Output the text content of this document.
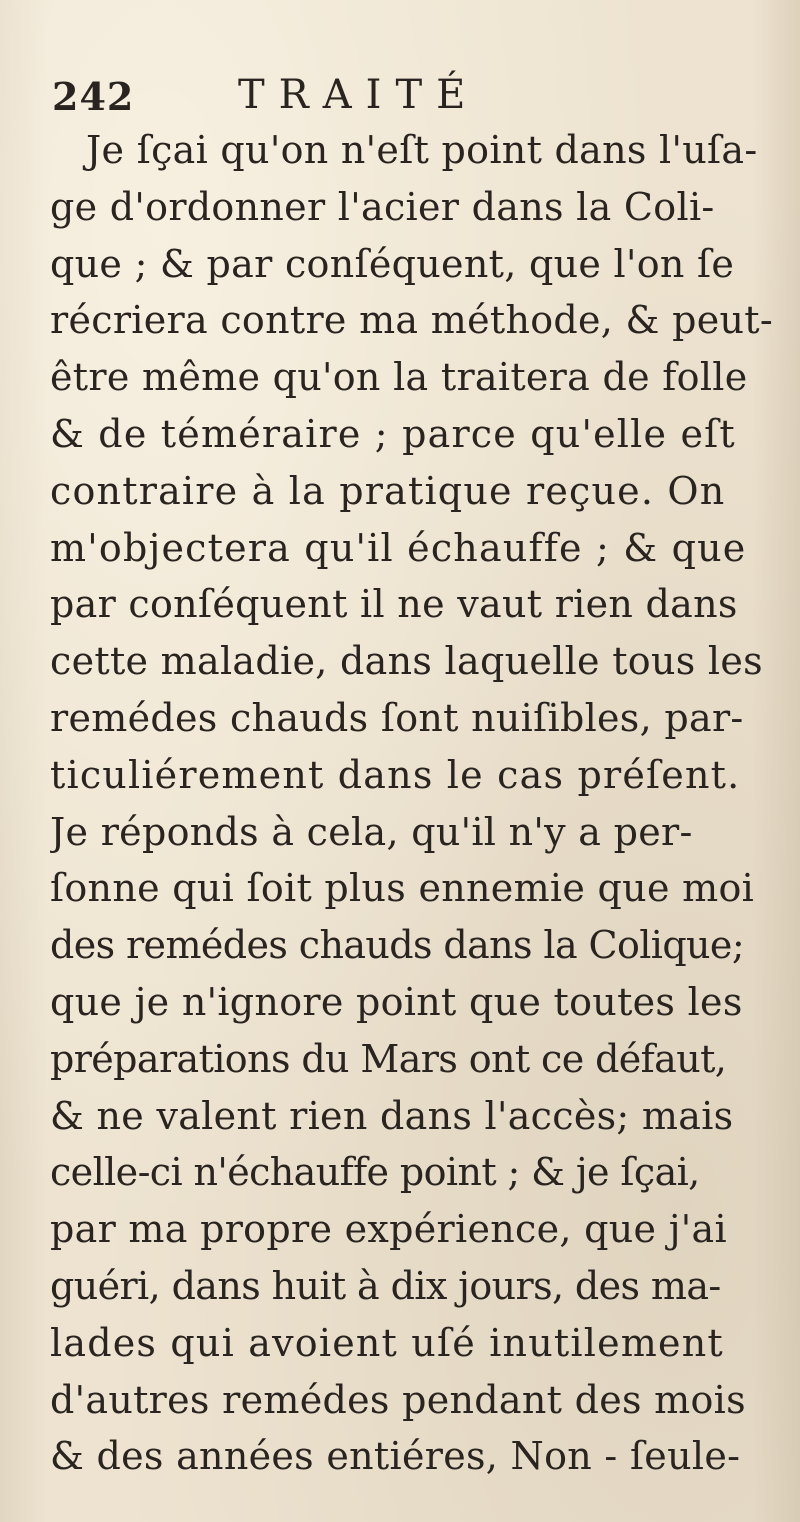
242	TRAITÉ
Je ſçai qu'on n'eſt point dans l'uſa-
ge d'ordonner l'acier dans la Coli-
que ; & par conſéquent, que l'on ſe
récriera contre ma méthode, & peut-
être même qu'on la traitera de folle
& de téméraire ; parce qu'elle eſt
contraire à la pratique reçue. On
m'objectera qu'il échauffe ; & que
par conſéquent il ne vaut rien dans
cette maladie, dans laquelle tous les
remédes chauds ſont nuiſibles, par-
ticuliérement dans le cas préſent.
Je réponds à cela, qu'il n'y a per-
ſonne qui ſoit plus ennemie que moi
des remédes chauds dans la Colique;
que je n'ignore point que toutes les
préparations du Mars ont ce défaut,
& ne valent rien dans l'accès; mais
celle-ci n'échauffe point ; & je ſçai,
par ma propre expérience, que j'ai
guéri, dans huit à dix jours, des ma-
lades qui avoient uſé inutilement
d'autres remédes pendant des mois
& des années entiéres, Non - ſeule-
